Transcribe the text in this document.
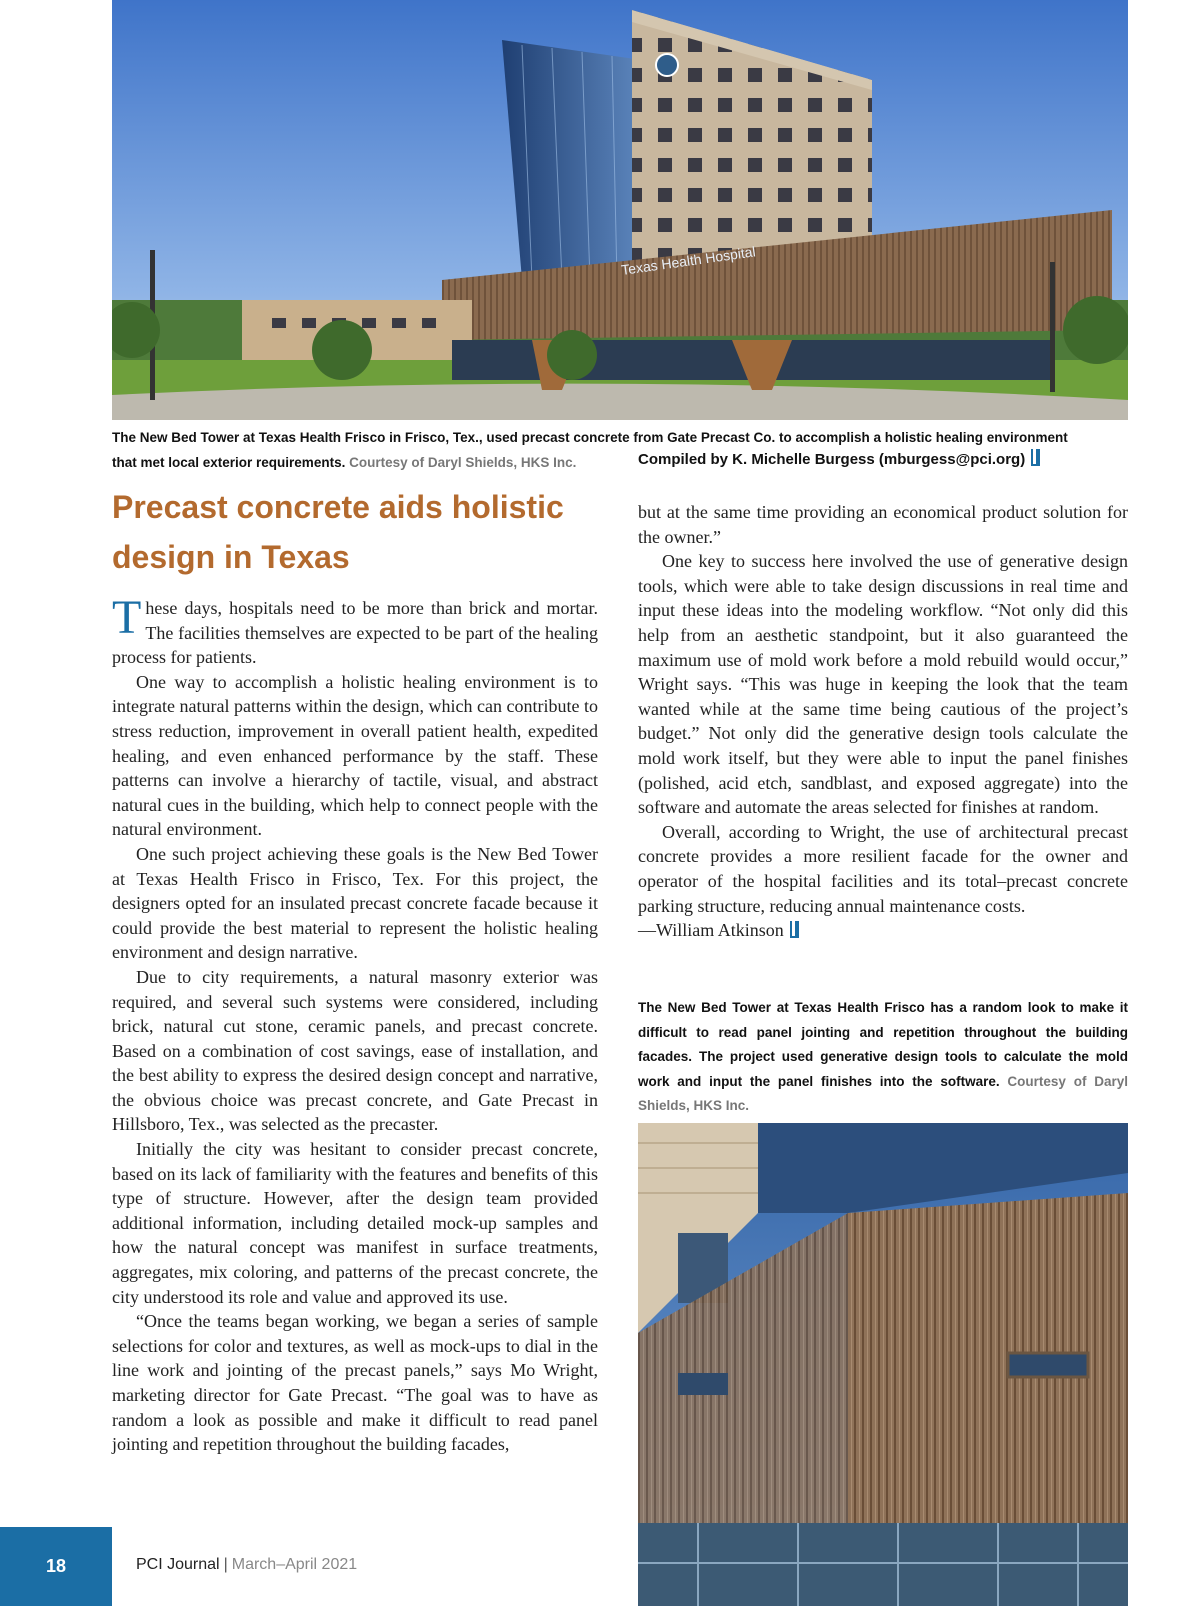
Texas Health Hospital
The New Bed Tower at Texas Health Frisco in Frisco, Tex., used precast concrete from Gate Precast Co. to accomplish a holistic healing environment
that met local exterior requirements. Courtesy of Daryl Shields, HKS Inc.	Compiled by K. Michelle Burgess (mburgess@pci.org)
Precast concrete aids holistic design in Texas

These days, hospitals need to be more than brick and mortar. The facilities themselves are expected to be part of the healing process for patients.

One way to accomplish a holistic healing environment is to integrate natural patterns within the design, which can contribute to stress reduction, improvement in overall patient health, expedited healing, and even enhanced performance by the staff. These patterns can involve a hierarchy of tactile, visual, and abstract natural cues in the building, which help to connect people with the natural environment.

One such project achieving these goals is the New Bed Tower at Texas Health Frisco in Frisco, Tex. For this project, the designers opted for an insulated precast concrete facade because it could provide the best material to represent the holistic healing environment and design narrative.

Due to city requirements, a natural masonry exterior was required, and several such systems were considered, including brick, natural cut stone, ceramic panels, and precast concrete. Based on a combination of cost savings, ease of installation, and the best ability to express the desired design concept and narrative, the obvious choice was precast concrete, and Gate Precast in Hillsboro, Tex., was selected as the precaster.

Initially the city was hesitant to consider precast concrete, based on its lack of familiarity with the features and benefits of this type of structure. However, after the design team provided additional information, including detailed mock-up samples and how the natural concept was manifest in surface treatments, aggregates, mix coloring, and patterns of the precast concrete, the city understood its role and value and approved its use.

“Once the teams began working, we began a series of sample selections for color and textures, as well as mock-ups to dial in the line work and jointing of the precast panels,” says Mo Wright, marketing director for Gate Precast. “The goal was to have as random a look as possible and make it difficult to read panel jointing and repetition throughout the building facades,

but at the same time providing an economical product solution for the owner.”

One key to success here involved the use of generative design tools, which were able to take design discussions in real time and input these ideas into the modeling workflow. “Not only did this help from an aesthetic standpoint, but it also guaranteed the maximum use of mold work before a mold rebuild would occur,” Wright says. “This was huge in keeping the look that the team wanted while at the same time being cautious of the project’s budget.” Not only did the generative design tools calculate the mold work itself, but they were able to input the panel finishes (polished, acid etch, sandblast, and exposed aggregate) into the software and automate the areas selected for finishes at random.

Overall, according to Wright, the use of architectural precast concrete provides a more resilient facade for the owner and operator of the hospital facilities and its total–precast concrete parking structure, reducing annual maintenance costs.

—William Atkinson

The New Bed Tower at Texas Health Frisco has a random look to make it difficult to read panel jointing and repetition throughout the building facades. The project used generative design tools to calculate the mold work and input the panel finishes into the software. Courtesy of Daryl Shields, HKS Inc.
18	PCI Journal | March–April 2021
